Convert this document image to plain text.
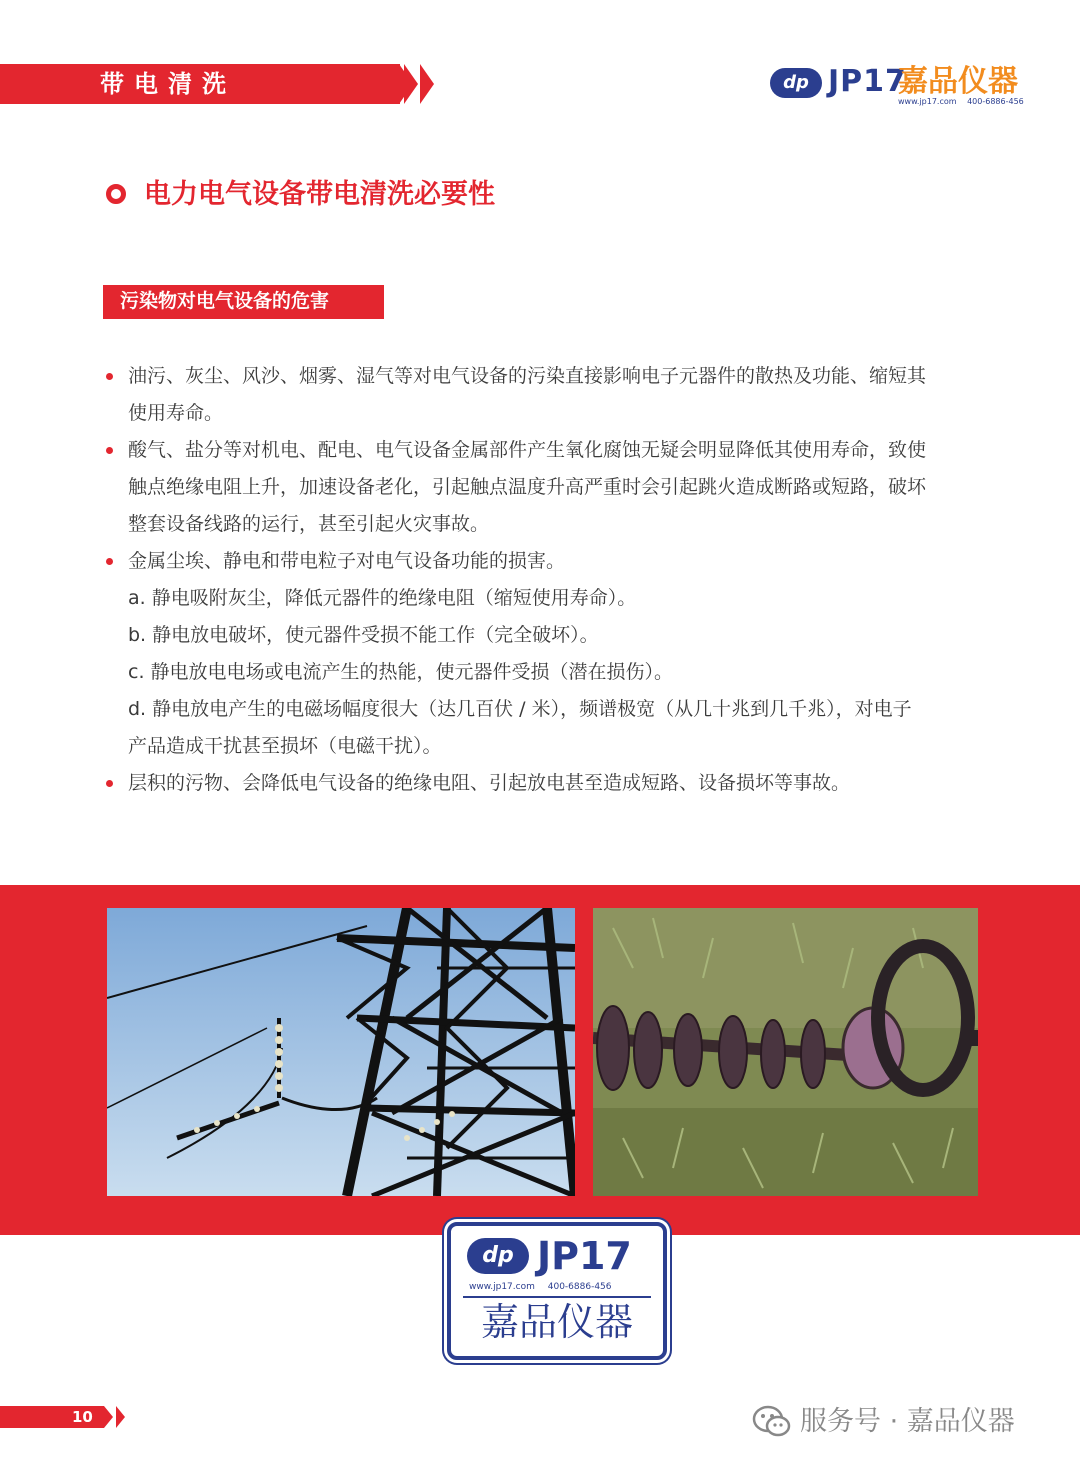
带电清洗	dp JP17
嘉品仪器
www.jp17.com 400-6886-456
电力电气设备带电清洗必要性
污染物对电气设备的危害
油污、灰尘、风沙、烟雾、湿气等对电气设备的污染直接影响电子元器件的散热及功能、缩短其
使用寿命。
酸气、盐分等对机电、配电、电气设备金属部件产生氧化腐蚀无疑会明显降低其使用寿命，致使
触点绝缘电阻上升，加速设备老化，引起触点温度升高严重时会引起跳火造成断路或短路，破坏
整套设备线路的运行，甚至引起火灾事故。
金属尘埃、静电和带电粒子对电气设备功能的损害。
a. 静电吸附灰尘，降低元器件的绝缘电阻（缩短使用寿命）。
b. 静电放电破坏，使元器件受损不能工作（完全破坏）。
c. 静电放电电场或电流产生的热能，使元器件受损（潜在损伤）。
d. 静电放电产生的电磁场幅度很大（达几百伏 / 米），频谱极宽（从几十兆到几千兆），对电子
产品造成干扰甚至损坏（电磁干扰）。
层积的污物、会降低电气设备的绝缘电阻、引起放电甚至造成短路、设备损坏等事故。
dp JP17
www.jp17.com 400-6886-456
嘉品仪器
10	服务号 · 嘉品仪器
